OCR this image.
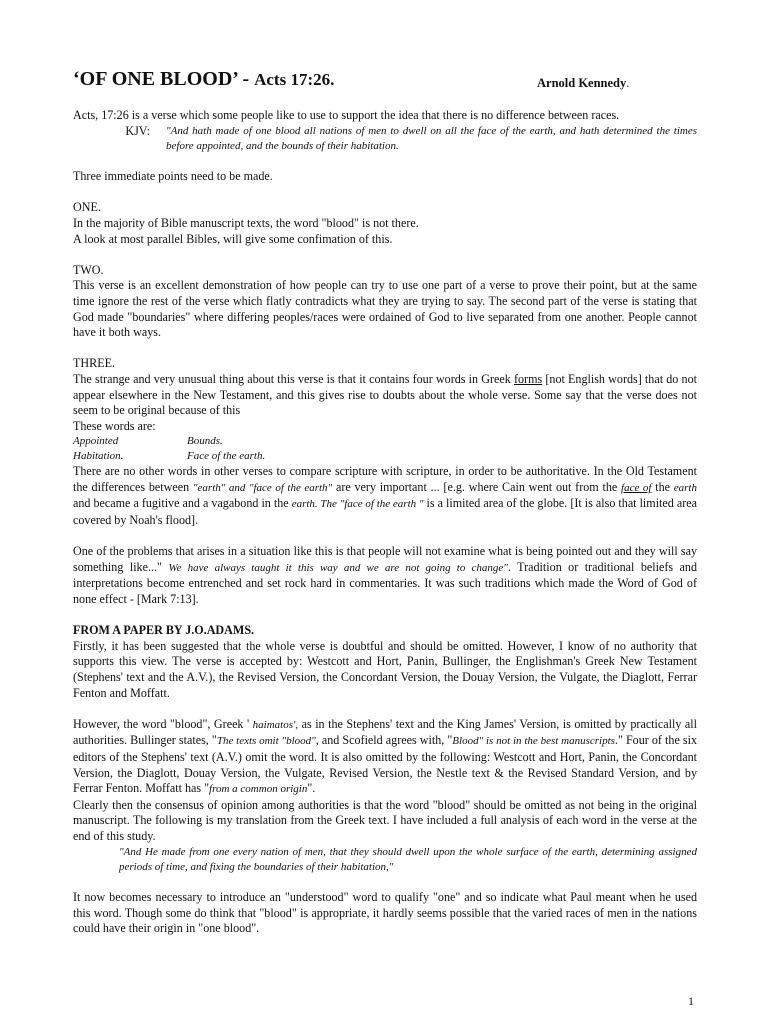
‘OF ONE BLOOD’ - Acts 17:26.	Arnold Kennedy.

Acts, 17:26 is a verse which some people like to use to support the idea that there is no difference between races.

KJV:	"And hath made of one blood all nations of men to dwell on all the face of the earth, and hath determined the times before appointed, and the bounds of their habitation.

Three immediate points need to be made.

ONE.

In the majority of Bible manuscript texts, the word "blood" is not there.

A look at most parallel Bibles, will give some confimation of this.

TWO.

This verse is an excellent demonstration of how people can try to use one part of a verse to prove their point, but at the same time ignore the rest of the verse which flatly contradicts what they are trying to say. The second part of the verse is stating that God made "boundaries" where differing peoples/races were ordained of God to live separated from one another. People cannot have it both ways.

THREE.

The strange and very unusual thing about this verse is that it contains four words in Greek forms [not English words] that do not appear elsewhere in the New Testament, and this gives rise to doubts about the whole verse. Some say that the verse does not seem to be original because of this

These words are:

Appointed	Bounds.
Habitation.	Face of the earth.

There are no other words in other verses to compare scripture with scripture, in order to be authoritative. In the Old Testament the differences between "earth" and "face of the earth" are very important ... [e.g. where Cain went out from the face of the earth and became a fugitive and a vagabond in the earth. The "face of the earth " is a limited area of the globe. [It is also that limited area covered by Noah's flood].

One of the problems that arises in a situation like this is that people will not examine what is being pointed out and they will say something like..." We have always taught it this way and we are not going to change". Tradition or traditional beliefs and interpretations become entrenched and set rock hard in commentaries. It was such traditions which made the Word of God of none effect - [Mark 7:13].

FROM A PAPER BY J.O.ADAMS.

Firstly, it has been suggested that the whole verse is doubtful and should be omitted. However, I know of no authority that supports this view. The verse is accepted by: Westcott and Hort, Panin, Bullinger, the Englishman's Greek New Testament (Stephens' text and the A.V.), the Revised Version, the Concordant Version, the Douay Version, the Vulgate, the Diaglott, Ferrar Fenton and Moffatt.

However, the word "blood", Greek ' haimatos', as in the Stephens' text and the King James' Version, is omitted by practically all authorities. Bullinger states, "The texts omit "blood", and Scofield agrees with, "Blood" is not in the best manuscripts." Four of the six editors of the Stephens' text (A.V.) omit the word. It is also omitted by the following: Westcott and Hort, Panin, the Concordant Version, the Diaglott, Douay Version, the Vulgate, Revised Version, the Nestle text & the Revised Standard Version, and by Ferrar Fenton. Moffatt has "from a common origin".

Clearly then the consensus of opinion among authorities is that the word "blood" should be omitted as not being in the original manuscript. The following is my translation from the Greek text. I have included a full analysis of each word in the verse at the end of this study.

"And He made from one every nation of men, that they should dwell upon the whole surface of the earth, determining assigned periods of time, and fixing the boundaries of their habitation,"

It now becomes necessary to introduce an "understood" word to qualify "one" and so indicate what Paul meant when he used this word. Though some do think that "blood" is appropriate, it hardly seems possible that the varied races of men in the nations could have their origin in "one blood".

1
